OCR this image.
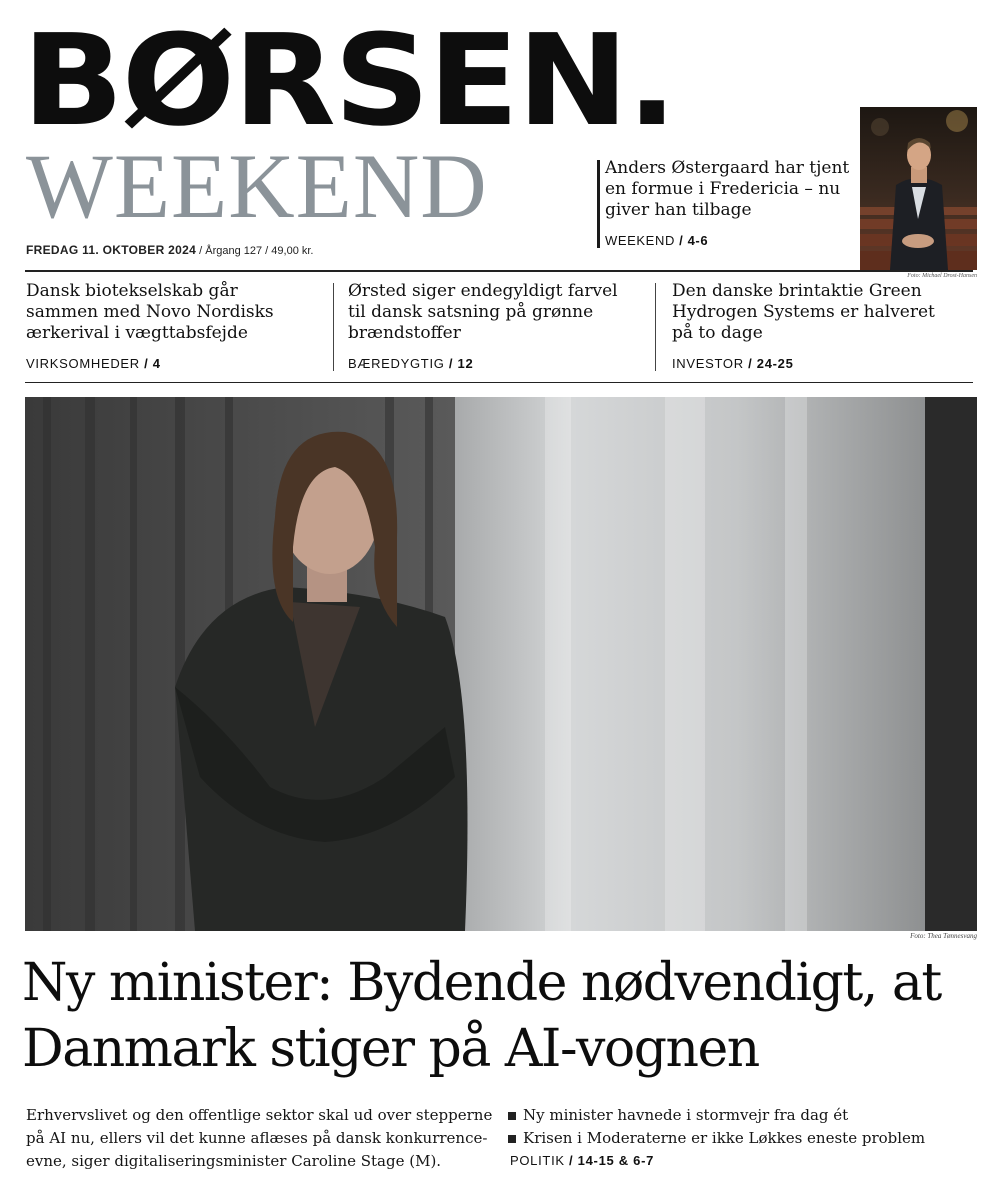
BØRSEN.
WEEKEND
FREDAG 11. OKTOBER 2024 / Årgang 127 / 49,00 kr.
Anders Østergaard har tjent en formue i Fredericia – nu giver han tilbage
WEEKEND / 4-6
Foto: Michael Drost-Hansen
Dansk biotekselskab går sammen med Novo Nordisks ærkerival i vægttabsfejde
VIRKSOMHEDER / 4
Ørsted siger endegyldigt farvel til dansk satsning på grønne brændstoffer
BÆREDYGTIG / 12
Den danske brintaktie Green Hydrogen Systems er halveret på to dage
INVESTOR / 24-25
Foto: Thea Tønnesvang
Ny minister: Bydende nødvendigt, at Danmark stiger på AI-vognen
Erhvervslivet og den offentlige sektor skal ud over stepperne på AI nu, ellers vil det kunne aflæses på dansk konkurrence-evne, siger digitaliseringsminister Caroline Stage (M).
Ny minister havnede i stormvejr fra dag ét
Krisen i Moderaterne er ikke Løkkes eneste problem
POLITIK / 14-15 & 6-7
